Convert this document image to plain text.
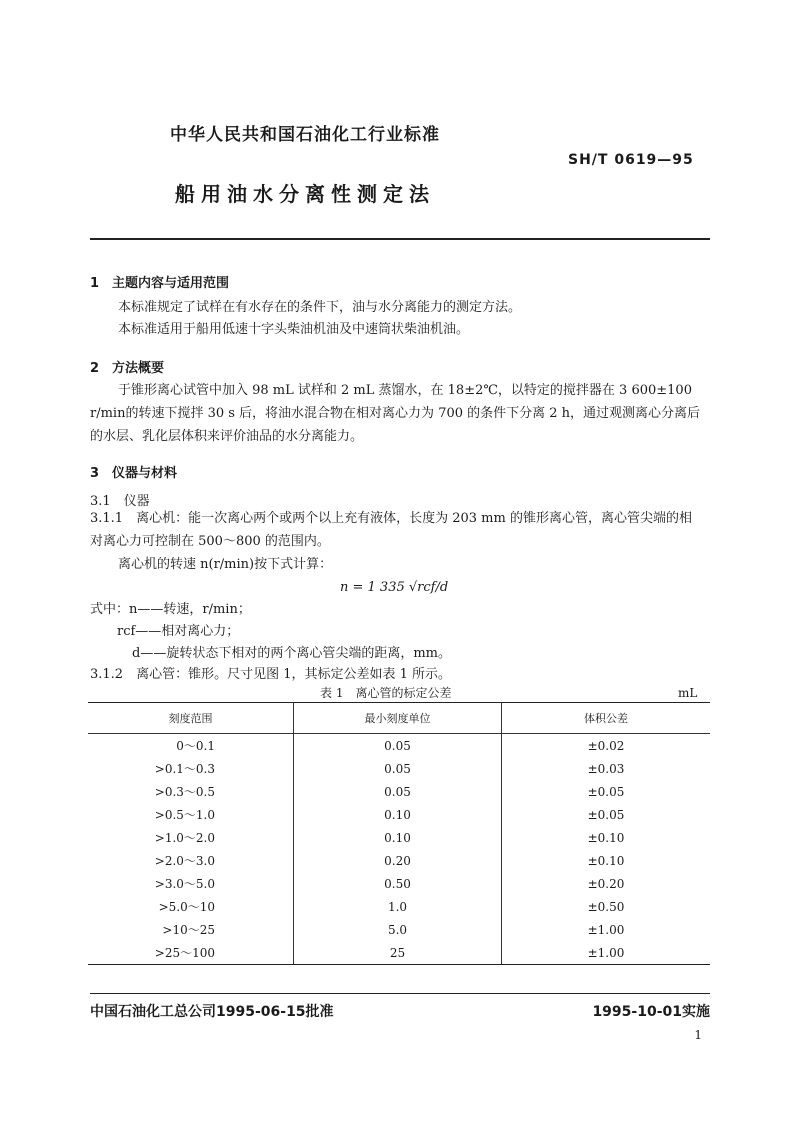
中华人民共和国石油化工行业标准
SH/T 0619—95
船用油水分离性测定法
1　主题内容与适用范围
本标准规定了试样在有水存在的条件下，油与水分离能力的测定方法。
本标准适用于船用低速十字头柴油机油及中速筒状柴油机油。
2　方法概要
于锥形离心试管中加入 98 mL 试样和 2 mL 蒸馏水，在 18±2℃，以特定的搅拌器在 3 600±100
r/min的转速下搅拌 30 s 后，将油水混合物在相对离心力为 700 的条件下分离 2 h，通过观测离心分离后
的水层、乳化层体积来评价油品的水分离能力。
3　仪器与材料
3.1　仪器
3.1.1　离心机：能一次离心两个或两个以上充有液体，长度为 203 mm 的锥形离心管，离心管尖端的相
对离心力可控制在 500～800 的范围内。
离心机的转速 n(r/min)按下式计算：
n = 1 335 √rcf/d
式中：n——转速，r/min；
rcf——相对离心力；
d——旋转状态下相对的两个离心管尖端的距离，mm。
3.1.2　离心管：锥形。尺寸见图 1，其标定公差如表 1 所示。
表 1　离心管的标定公差	mL
刻度范围	最小刻度单位	体积公差
0～0.1	0.05	±0.02
>0.1～0.3	0.05	±0.03
>0.3～0.5	0.05	±0.05
>0.5～1.0	0.10	±0.05
>1.0～2.0	0.10	±0.10
>2.0～3.0	0.20	±0.10
>3.0～5.0	0.50	±0.20
>5.0～10	1.0	±0.50
>10～25	5.0	±1.00
>25～100	25	±1.00
中国石油化工总公司1995-06-15批准	1995-10-01实施
1
